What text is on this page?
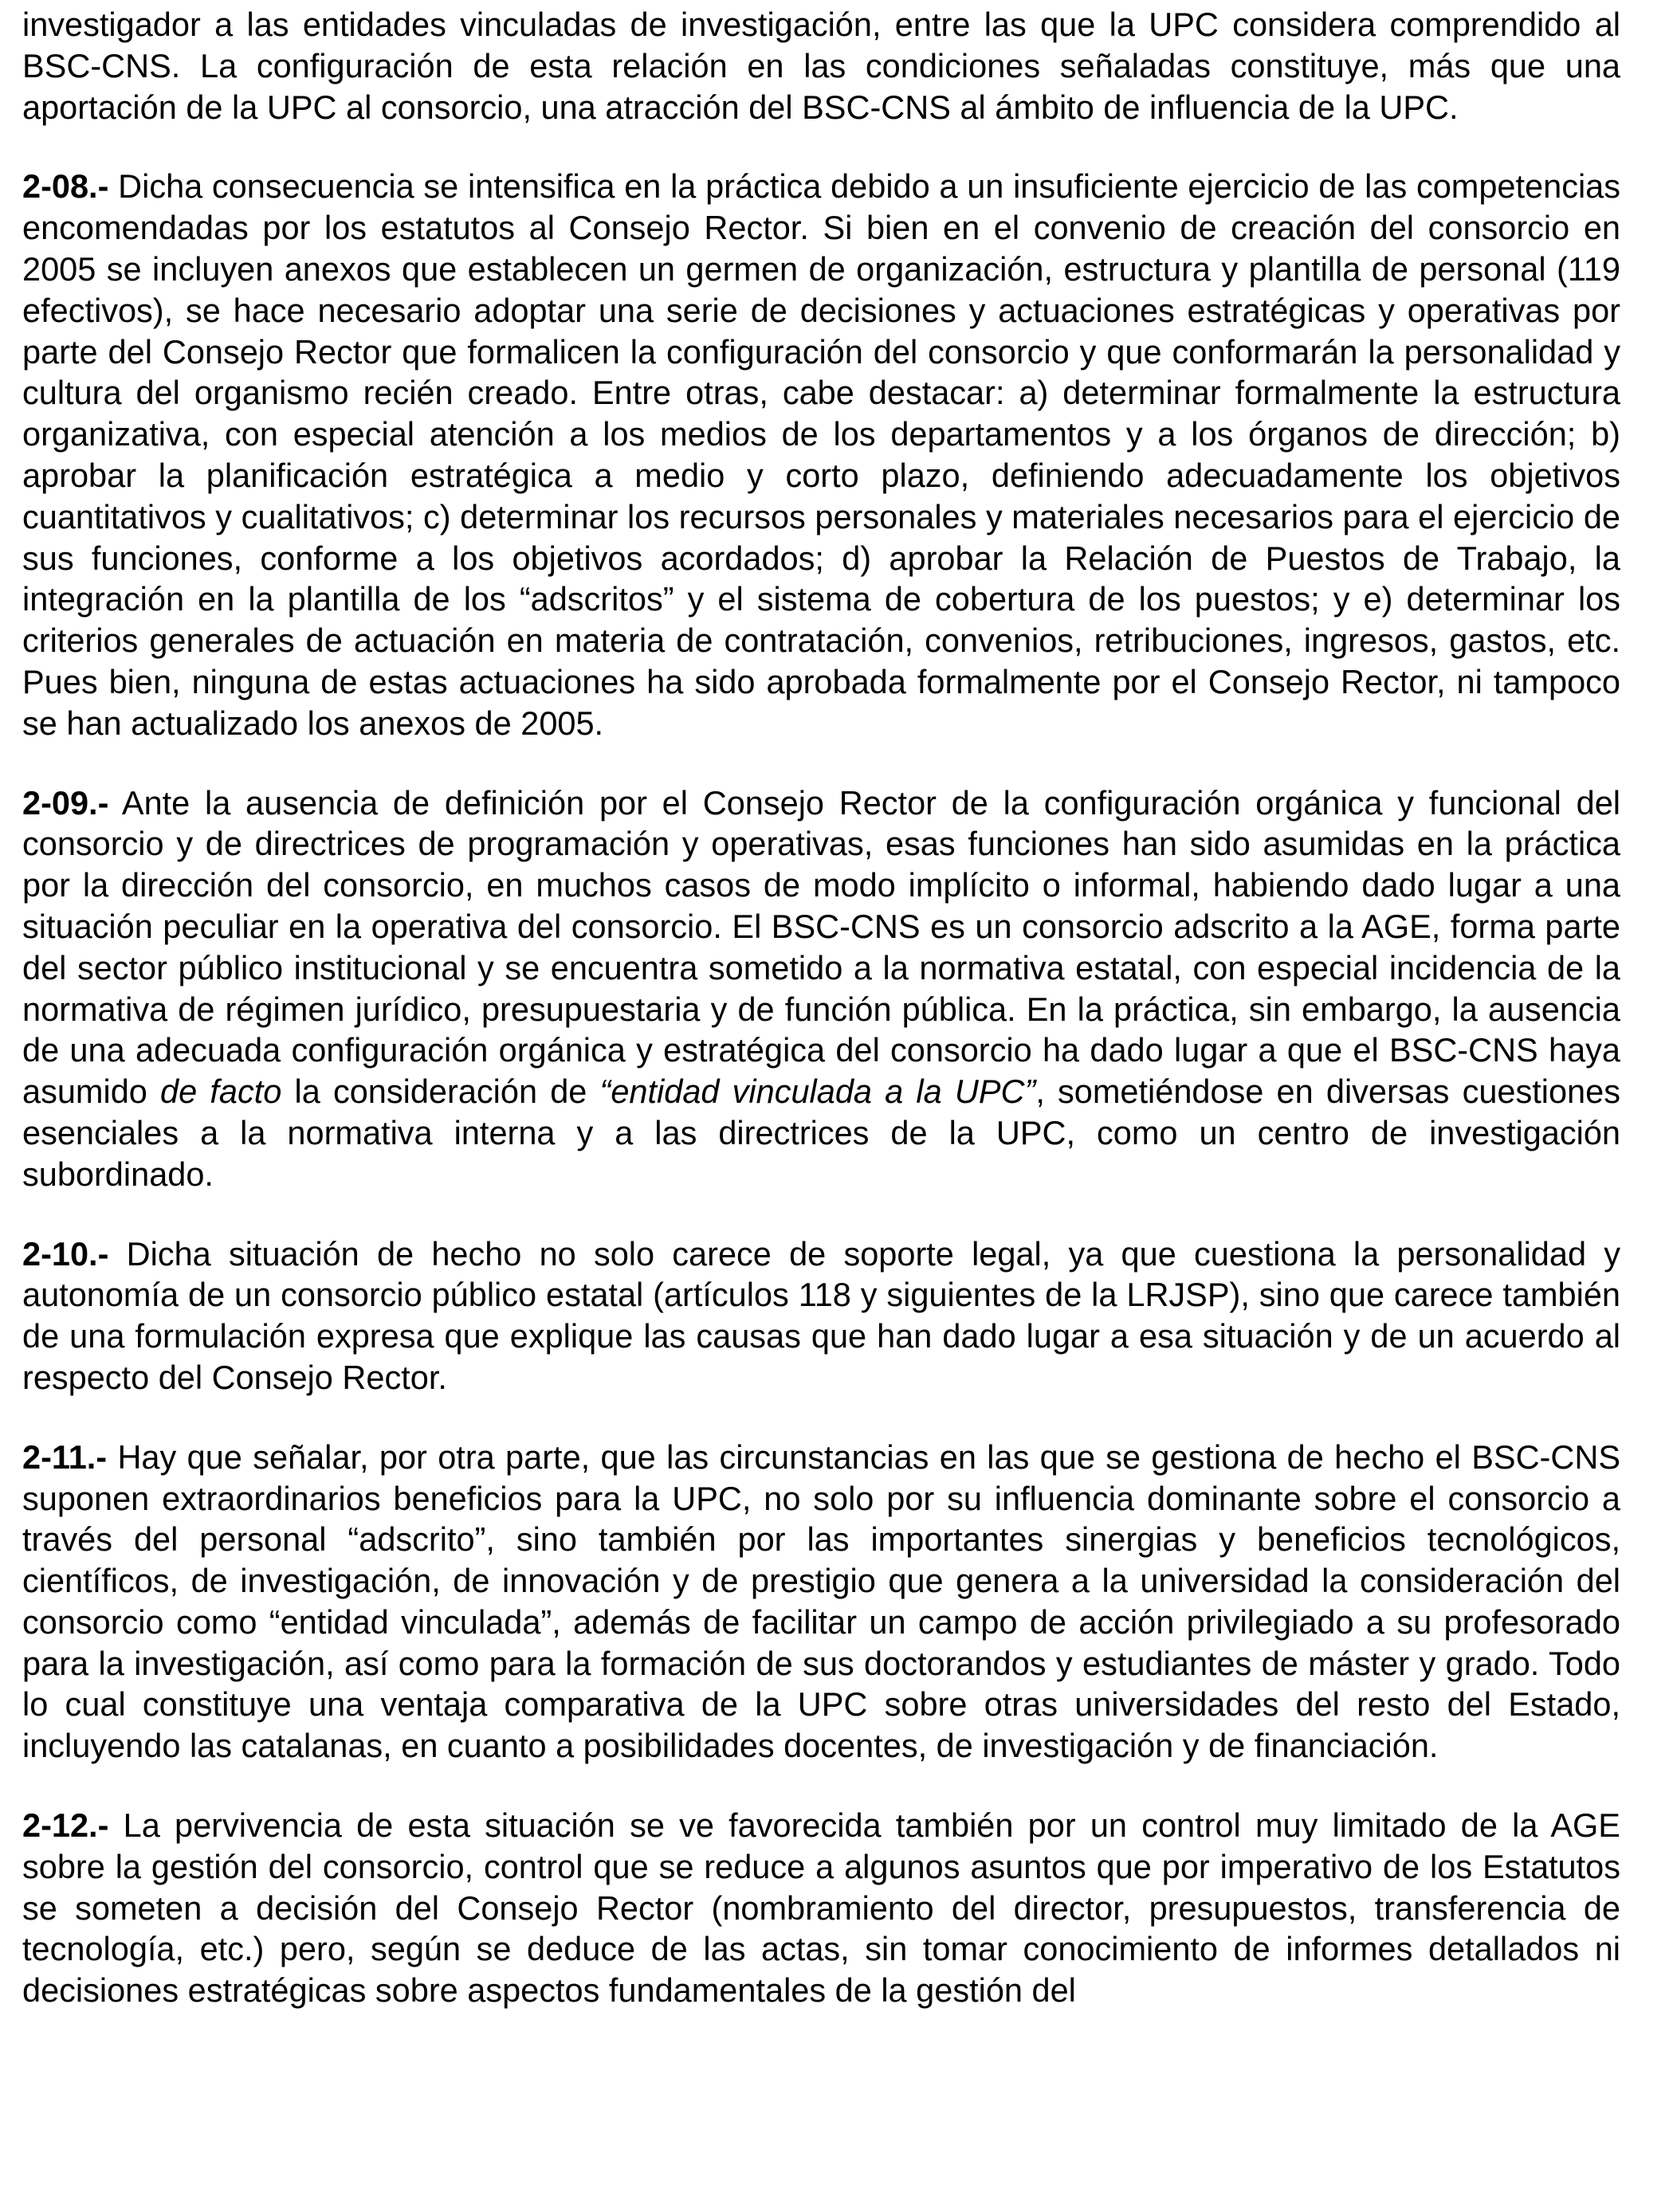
investigador a las entidades vinculadas de investigación, entre las que la UPC considera comprendido al BSC-CNS. La configuración de esta relación en las condiciones señaladas constituye, más que una aportación de la UPC al consorcio, una atracción del BSC-CNS al ámbito de influencia de la UPC.

2-08.- Dicha consecuencia se intensifica en la práctica debido a un insuficiente ejercicio de las competencias encomendadas por los estatutos al Consejo Rector. Si bien en el convenio de creación del consorcio en 2005 se incluyen anexos que establecen un germen de organización, estructura y plantilla de personal (119 efectivos), se hace necesario adoptar una serie de decisiones y actuaciones estratégicas y operativas por parte del Consejo Rector que formalicen la configuración del consorcio y que conformarán la personalidad y cultura del organismo recién creado. Entre otras, cabe destacar: a) determinar formalmente la estructura organizativa, con especial atención a los medios de los departamentos y a los órganos de dirección; b) aprobar la planificación estratégica a medio y corto plazo, definiendo adecuadamente los objetivos cuantitativos y cualitativos; c) determinar los recursos personales y materiales necesarios para el ejercicio de sus funciones, conforme a los objetivos acordados; d) aprobar la Relación de Puestos de Trabajo, la integración en la plantilla de los “adscritos” y el sistema de cobertura de los puestos; y e) determinar los criterios generales de actuación en materia de contratación, convenios, retribuciones, ingresos, gastos, etc. Pues bien, ninguna de estas actuaciones ha sido aprobada formalmente por el Consejo Rector, ni tampoco se han actualizado los anexos de 2005.

2-09.- Ante la ausencia de definición por el Consejo Rector de la configuración orgánica y funcional del consorcio y de directrices de programación y operativas, esas funciones han sido asumidas en la práctica por la dirección del consorcio, en muchos casos de modo implícito o informal, habiendo dado lugar a una situación peculiar en la operativa del consorcio. El BSC-CNS es un consorcio adscrito a la AGE, forma parte del sector público institucional y se encuentra sometido a la normativa estatal, con especial incidencia de la normativa de régimen jurídico, presupuestaria y de función pública. En la práctica, sin embargo, la ausencia de una adecuada configuración orgánica y estratégica del consorcio ha dado lugar a que el BSC-CNS haya asumido de facto la consideración de “entidad vinculada a la UPC”, sometiéndose en diversas cuestiones esenciales a la normativa interna y a las directrices de la UPC, como un centro de investigación subordinado.

2-10.- Dicha situación de hecho no solo carece de soporte legal, ya que cuestiona la personalidad y autonomía de un consorcio público estatal (artículos 118 y siguientes de la LRJSP), sino que carece también de una formulación expresa que explique las causas que han dado lugar a esa situación y de un acuerdo al respecto del Consejo Rector.

2-11.- Hay que señalar, por otra parte, que las circunstancias en las que se gestiona de hecho el BSC-CNS suponen extraordinarios beneficios para la UPC, no solo por su influencia dominante sobre el consorcio a través del personal “adscrito”, sino también por las importantes sinergias y beneficios tecnológicos, científicos, de investigación, de innovación y de prestigio que genera a la universidad la consideración del consorcio como “entidad vinculada”, además de facilitar un campo de acción privilegiado a su profesorado para la investigación, así como para la formación de sus doctorandos y estudiantes de máster y grado. Todo lo cual constituye una ventaja comparativa de la UPC sobre otras universidades del resto del Estado, incluyendo las catalanas, en cuanto a posibilidades docentes, de investigación y de financiación.

2-12.- La pervivencia de esta situación se ve favorecida también por un control muy limitado de la AGE sobre la gestión del consorcio, control que se reduce a algunos asuntos que por imperativo de los Estatutos se someten a decisión del Consejo Rector (nombramiento del director, presupuestos, transferencia de tecnología, etc.) pero, según se deduce de las actas, sin tomar conocimiento de informes detallados ni decisiones estratégicas sobre aspectos fundamentales de la gestión del
